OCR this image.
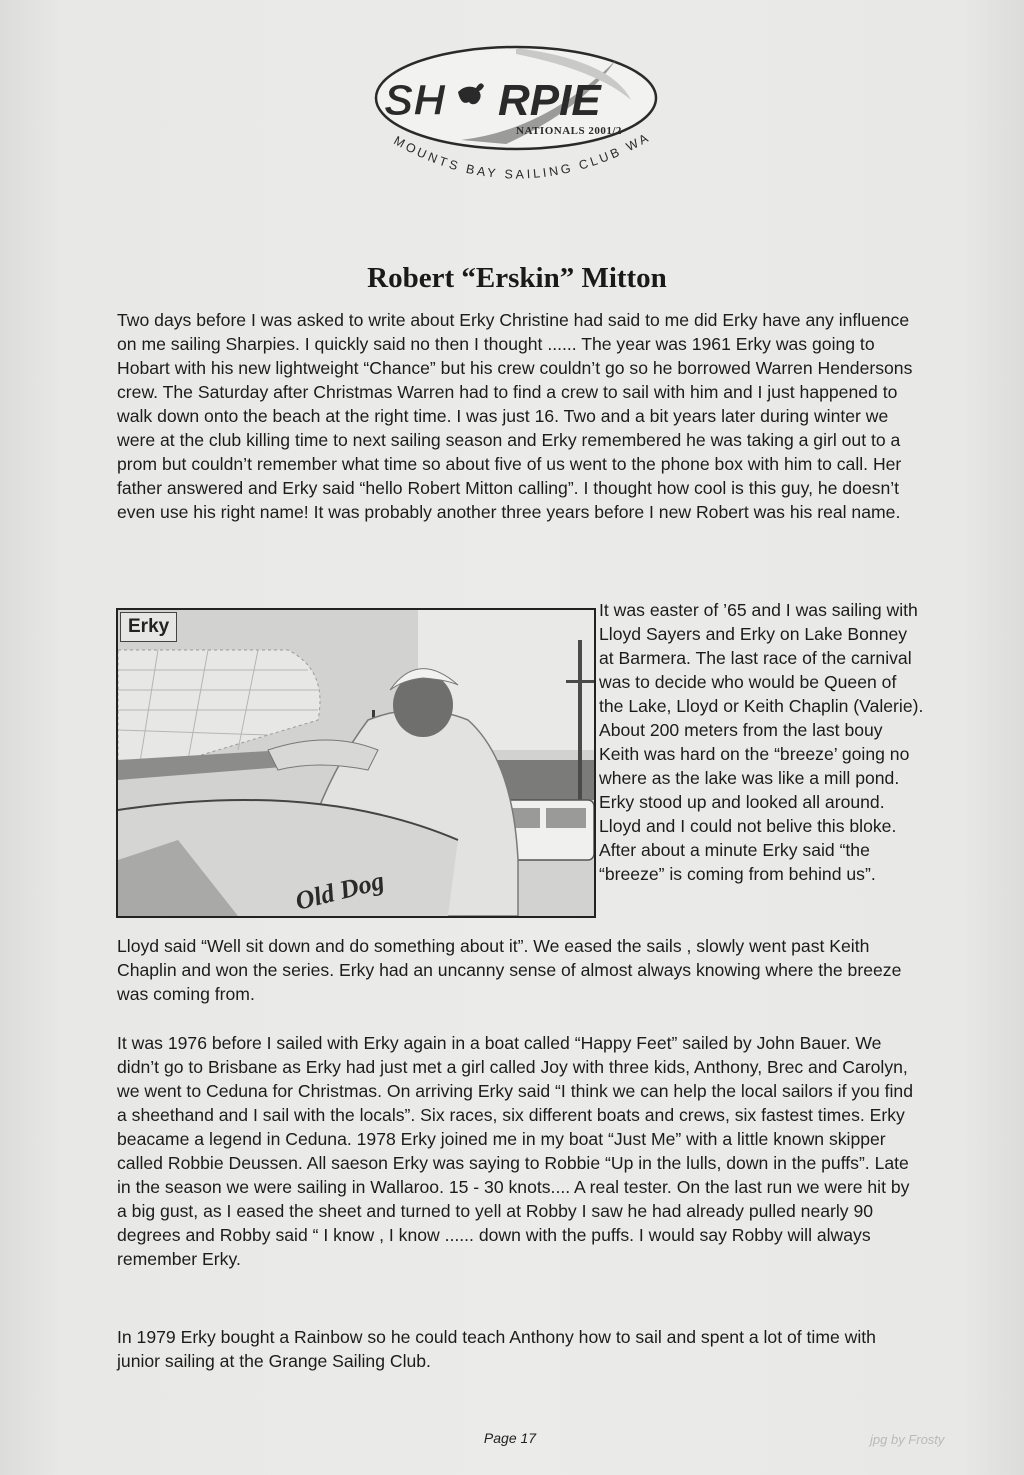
SH RPIE
NATIONALS 2001/2
MOUNTS BAY SAILING CLUB WA
Robert “Erskin” Mitton

Two days before I was asked to write about Erky Christine had said to me did Erky have any influence on me sailing Sharpies. I quickly said no then I thought ...... The year was 1961 Erky was going to Hobart with his new lightweight “Chance” but his crew couldn’t go so he borrowed Warren Hendersons crew. The Saturday after Christmas Warren had to find a crew to sail with him and I just happened to walk down onto the beach at the right time. I was just 16. Two and a bit years later during winter we were at the club killing time to next sailing season and Erky remembered he was taking a girl out to a prom but couldn’t remember what time so about five of us went to the phone box with him to call. Her father answered and Erky said “hello Robert Mitton calling”. I thought how cool is this guy, he doesn’t even use his right name! It was probably another three years before I new Robert was his real name.

Old Dog
Erky

It was easter of ’65 and I was sailing with Lloyd Sayers and Erky on Lake Bonney at Barmera. The last race of the carnival was to decide who would be Queen of the Lake, Lloyd or Keith Chaplin (Valerie). About 200 meters from the last bouy Keith was hard on the “breeze’ going no where as the lake was like a mill pond. Erky stood up and looked all around. Lloyd and I could not belive this bloke. After about a minute Erky said “the “breeze” is coming from behind us”.

Lloyd said “Well sit down and do something about it”. We eased the sails , slowly went past Keith Chaplin and won the series. Erky had an uncanny sense of almost always knowing where the breeze was coming from.

It was 1976 before I sailed with Erky again in a boat called “Happy Feet” sailed by John Bauer. We didn’t go to Brisbane as Erky had just met a girl called Joy with three kids, Anthony, Brec and Carolyn, we went to Ceduna for Christmas. On arriving Erky said “I think we can help the local sailors if you find a sheethand and I sail with the locals”. Six races, six different boats and crews, six fastest times. Erky beacame a legend in Ceduna. 1978 Erky joined me in my boat “Just Me” with a little known skipper called Robbie Deussen. All saeson Erky was saying to Robbie “Up in the lulls, down in the puffs”. Late in the season we were sailing in Wallaroo. 15 - 30 knots.... A real tester. On the last run we were hit by a big gust, as I eased the sheet and turned to yell at Robby I saw he had already pulled nearly 90 degrees and Robby said “ I know , I know ...... down with the puffs. I would say Robby will always remember Erky.

In 1979 Erky bought a Rainbow so he could teach Anthony how to sail and spent a lot of time with junior sailing at the Grange Sailing Club.

Page 17	jpg by Frosty
